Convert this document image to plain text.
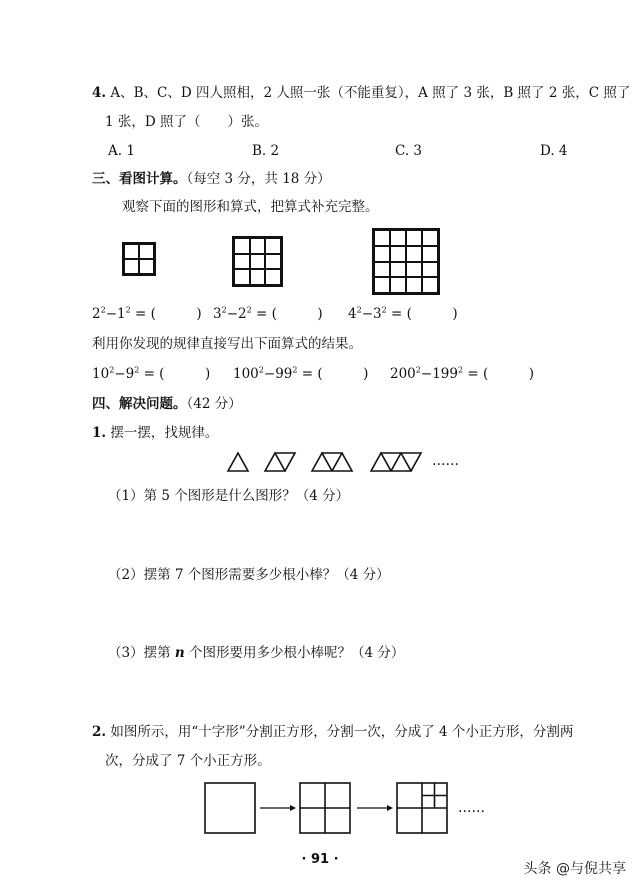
4. A、B、C、D 四人照相，2 人照一张（不能重复），A 照了 3 张，B 照了 2 张，C 照了
1 张，D 照了（　　）张。
A. 1	B. 2	C. 3	D. 4
三、看图计算。（每空 3 分，共 18 分）
观察下面的图形和算式，把算式补充完整。
$2^2-1^2$ = (　　　) $3^2-2^2$ = (　　　) $4^2-3^2$ = (　　　)
利用你发现的规律直接写出下面算式的结果。
$10^2-9^2$ = (　　　) $100^2-99^2$ = (　　　) $200^2-199^2$ = (　　　)
四、解决问题。（42 分）
1. 摆一摆，找规律。
……
（1）第 5 个图形是什么图形？（4 分）
（2）摆第 7 个图形需要多少根小棒？（4 分）
（3）摆第 n 个图形要用多少根小棒呢？（4 分）
2. 如图所示，用“十字形”分割正方形，分割一次，分成了 4 个小正方形，分割两
次，分成了 7 个小正方形。
……
· 91 ·
头条 @与倪共享
